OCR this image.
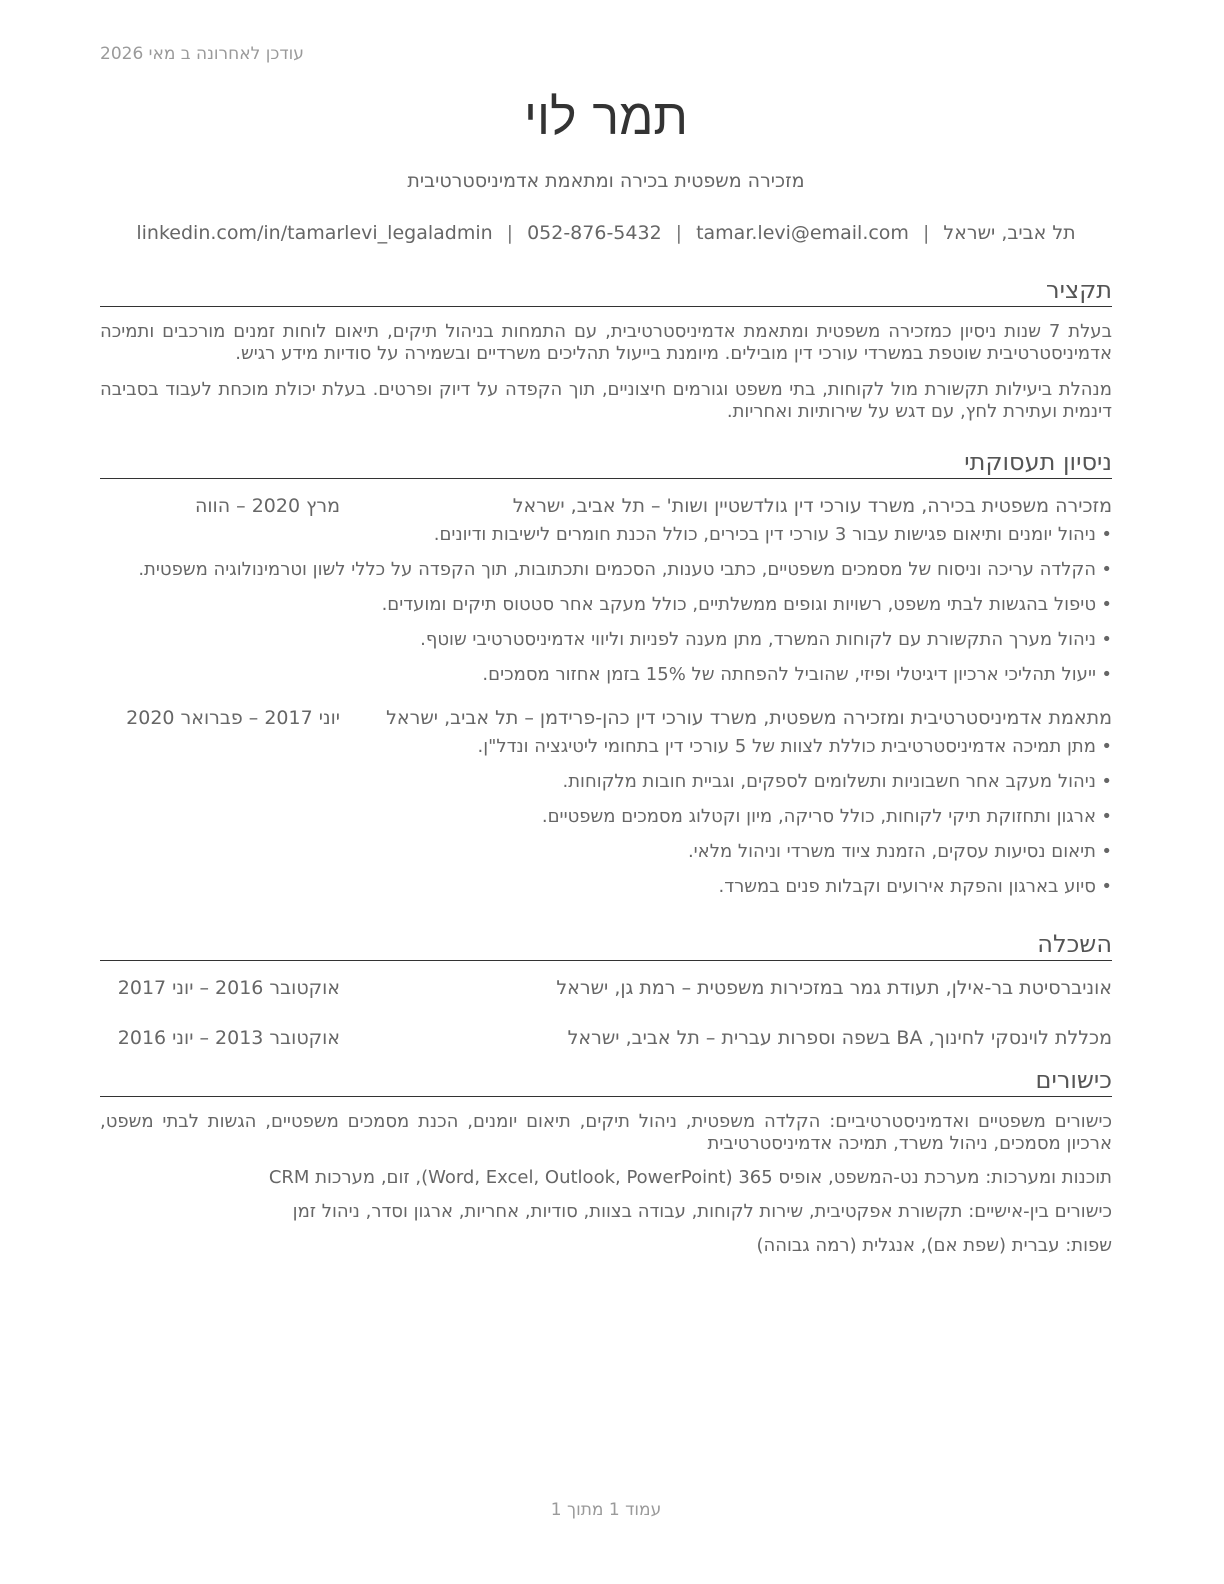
עודכן לאחרונה ב מאי 2026
תמר לוי
מזכירה משפטית בכירה ומתאמת אדמיניסטרטיבית
תל אביב, ישראל|tamar.levi@email.com|052-876-5432|linkedin.com/in/tamarlevi_legaladmin
תקציר

בעלת 7 שנות ניסיון כמזכירה משפטית ומתאמת אדמיניסטרטיבית, עם התמחות בניהול תיקים, תיאום לוחות זמנים מורכבים ותמיכה אדמיניסטרטיבית שוטפת במשרדי עורכי דין מובילים. מיומנת בייעול תהליכים משרדיים ובשמירה על סודיות מידע רגיש.

מנהלת ביעילות תקשורת מול לקוחות, בתי משפט וגורמים חיצוניים, תוך הקפדה על דיוק ופרטים. בעלת יכולת מוכחת לעבוד בסביבה דינמית ועתירת לחץ, עם דגש על שירותיות ואחריות.

ניסיון תעסוקתי
מזכירה משפטית בכירה, משרד עורכי דין גולדשטיין ושות' – תל אביב, ישראל
מרץ 2020 – הווה
• ניהול יומנים ותיאום פגישות עבור 3 עורכי דין בכירים, כולל הכנת חומרים לישיבות ודיונים.
• הקלדה עריכה וניסוח של מסמכים משפטיים, כתבי טענות, הסכמים ותכתובות, תוך הקפדה על כללי לשון וטרמינולוגיה משפטית.
• טיפול בהגשות לבתי משפט, רשויות וגופים ממשלתיים, כולל מעקב אחר סטטוס תיקים ומועדים.
• ניהול מערך התקשורת עם לקוחות המשרד, מתן מענה לפניות וליווי אדמיניסטרטיבי שוטף.
• ייעול תהליכי ארכיון דיגיטלי ופיזי, שהוביל להפחתה של 15% בזמן אחזור מסמכים.
מתאמת אדמיניסטרטיבית ומזכירה משפטית, משרד עורכי דין כהן-פרידמן – תל אביב, ישראל
יוני 2017 – פברואר 2020
• מתן תמיכה אדמיניסטרטיבית כוללת לצוות של 5 עורכי דין בתחומי ליטיגציה ונדל"ן.
• ניהול מעקב אחר חשבוניות ותשלומים לספקים, וגביית חובות מלקוחות.
• ארגון ותחזוקת תיקי לקוחות, כולל סריקה, מיון וקטלוג מסמכים משפטיים.
• תיאום נסיעות עסקים, הזמנת ציוד משרדי וניהול מלאי.
• סיוע בארגון והפקת אירועים וקבלות פנים במשרד.
השכלה
אוניברסיטת בר-אילן, תעודת גמר במזכירות משפטית – רמת גן, ישראל
אוקטובר 2016 – יוני 2017
מכללת לוינסקי לחינוך, BA בשפה וספרות עברית – תל אביב, ישראל
אוקטובר 2013 – יוני 2016
כישורים
כישורים משפטיים ואדמיניסטרטיביים: הקלדה משפטית, ניהול תיקים, תיאום יומנים, הכנת מסמכים משפטיים, הגשות לבתי משפט, ארכיון מסמכים, ניהול משרד, תמיכה אדמיניסטרטיבית
תוכנות ומערכות: מערכת נט-המשפט, אופיס 365 (Word, Excel, Outlook, PowerPoint), זום, מערכות CRM
כישורים בין-אישיים: תקשורת אפקטיבית, שירות לקוחות, עבודה בצוות, סודיות, אחריות, ארגון וסדר, ניהול זמן
שפות: עברית (שפת אם), אנגלית (רמה גבוהה)
עמוד 1 מתוך 1
